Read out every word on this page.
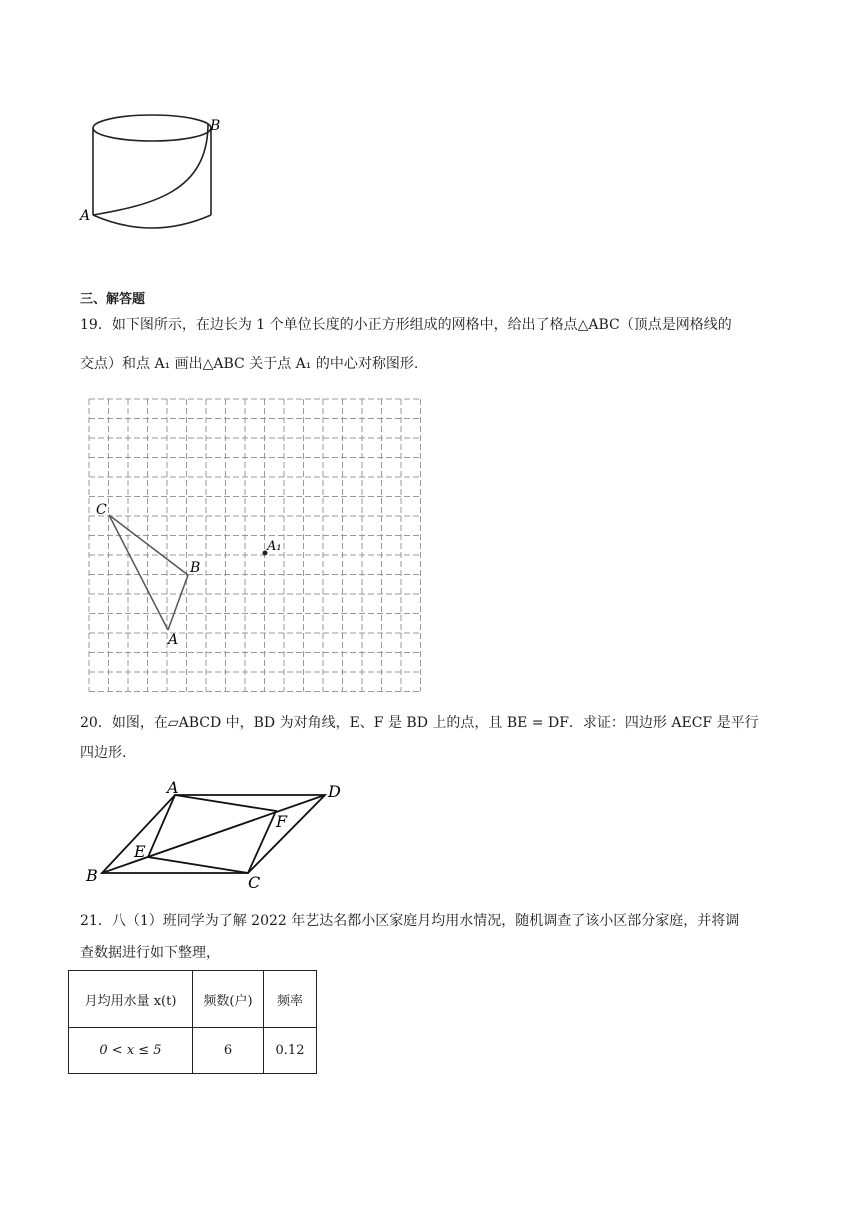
A
B
三、解答题
19．如下图所示，在边长为 1 个单位长度的小正方形组成的网格中，给出了格点△ABC（顶点是网格线的
交点）和点 A₁ 画出△ABC 关于点 A₁ 的中心对称图形.
C
B
A
A₁
20．如图，在▱ABCD 中，BD 为对角线，E、F 是 BD 上的点，且 BE = DF．求证：四边形 AECF 是平行
四边形.
A	D
F
E
B	C
21．八（1）班同学为了解 2022 年艺达名都小区家庭月均用水情况，随机调查了该小区部分家庭，并将调
查数据进行如下整理，
月均用水量 x(t)	频数(户)	频率
0 < x ≤ 5	6	0.12
